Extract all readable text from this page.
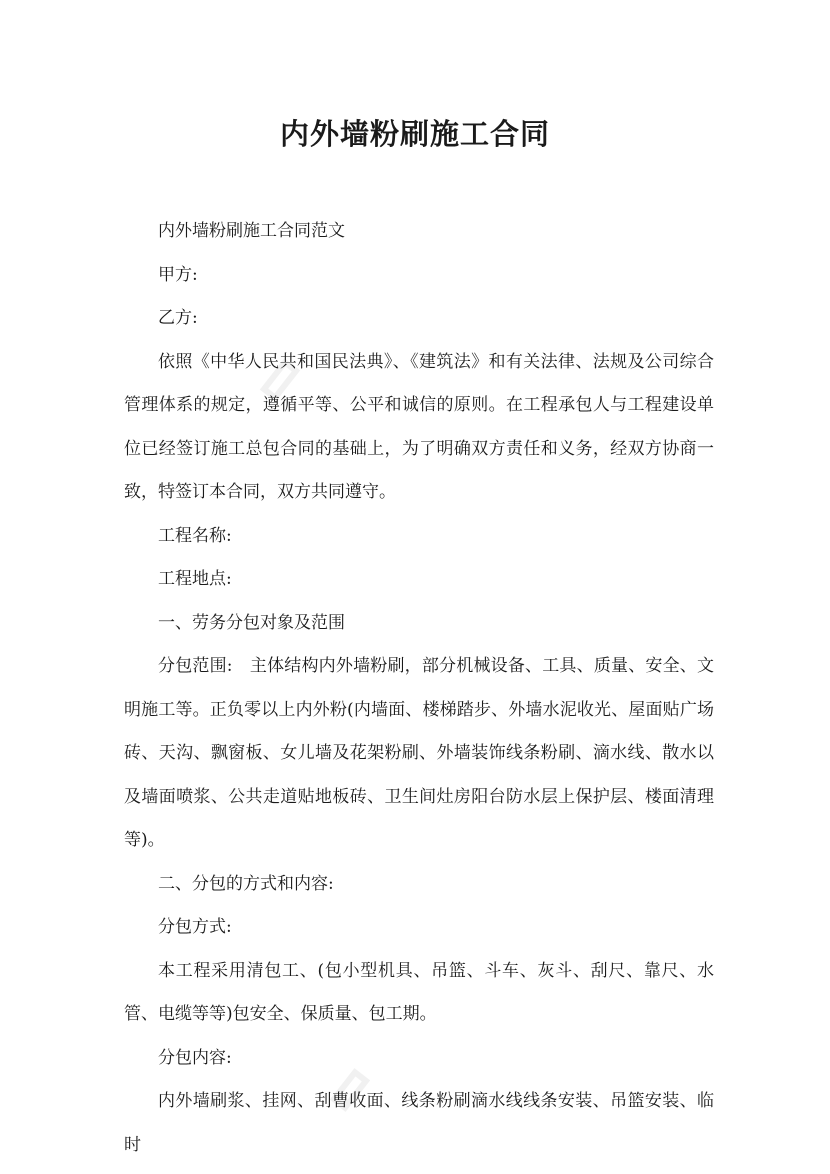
内外墙粉刷施工合同

内外墙粉刷施工合同范文

甲方:

乙方:

依照《中华人民共和国民法典》、《建筑法》和有关法律、法规及公司综合管理体系的规定，遵循平等、公平和诚信的原则。在工程承包人与工程建设单位已经签订施工总包合同的基础上，为了明确双方责任和义务，经双方协商一致，特签订本合同，双方共同遵守。

工程名称:

工程地点:

一、劳务分包对象及范围

分包范围:　主体结构内外墙粉刷，部分机械设备、工具、质量、安全、文明施工等。正负零以上内外粉(内墙面、楼梯踏步、外墙水泥收光、屋面贴广场砖、天沟、飘窗板、女儿墙及花架粉刷、外墙装饰线条粉刷、滴水线、散水以及墙面喷浆、公共走道贴地板砖、卫生间灶房阳台防水层上保护层、楼面清理等)。

二、分包的方式和内容:

分包方式:

本工程采用清包工、(包小型机具、吊篮、斗车、灰斗、刮尺、靠尺、水管、电缆等等)包安全、保质量、包工期。

分包内容:

内外墙刷浆、挂网、刮曹收面、线条粉刷滴水线线条安装、吊篮安装、临时
